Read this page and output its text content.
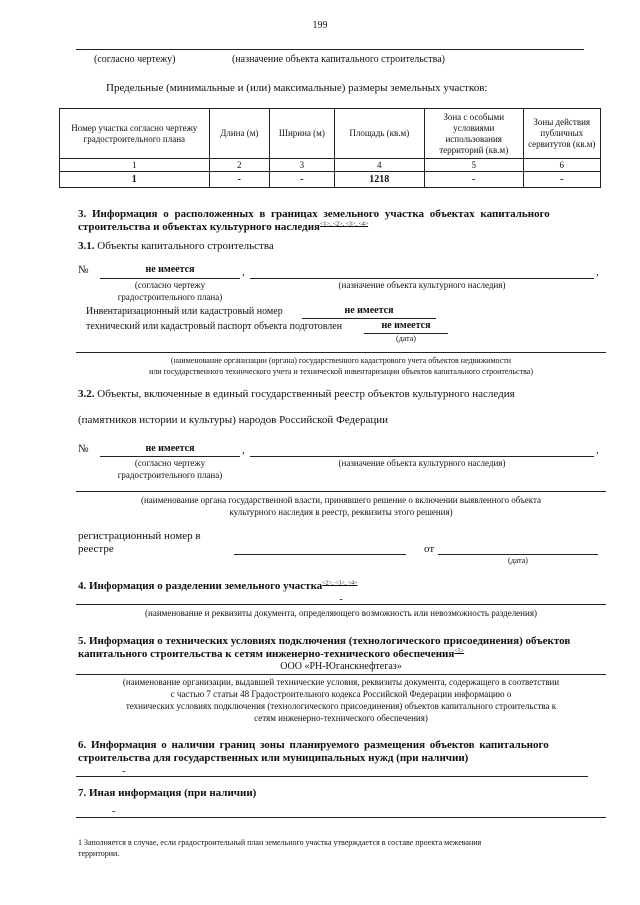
199
(согласно чертежу)	(назначение объекта капитального строительства)
Предельные (минимальные и (или) максимальные) размеры земельных участков:
Номер участка согласно чертежу градостроительного плана	Длина (м)	Ширина (м)	Площадь (кв.м)	Зона с особыми условиями использования территорий (кв.м)	Зоны действия публичных сервитутов (кв.м)
1	2	3	4	5	6
1	-	-	1218	-	-
3. Информация о расположенных в границах земельного участка объектах капитального
строительства и объектах культурного наследия$^{<1>, <2>, <3>, <4>}$
3.1. Объекты капитального строительства
№	не имеется	,	,
(согласно чертежу
градостроительного плана)
(назначение объекта культурного наследия)
Инвентаризационный или кадастровый номер	не имеется
технический или кадастровый паспорт объекта подготовлен	не имеется
(дата)
(наименование организации (органа) государственного кадастрового учета объектов недвижимости
или государственного технического учета и технической инвентаризации объектов капитального строительства)
3.2. Объекты, включенные в единый государственный реестр объектов культурного наследия
(памятников истории и культуры) народов Российской Федерации
№	не имеется	,	,
(согласно чертежу
градостроительного плана)
(назначение объекта культурного наследия)
(наименование органа государственной власти, принявшего решение о включении выявленного объекта
культурного наследия в реестр, реквизиты этого решения)
регистрационный номер в
реестре	от
(дата)
4. Информация о разделении земельного участка$^{<2>, <3>, <4>}$
-
(наименование и реквизиты документа, определяющего возможность или невозможность разделения)
5. Информация о технических условиях подключения (технологического присоединения) объектов
капитального строительства к сетям инженерно-технического обеспечения$^{<5>}$
ООО «РН-Юганскнефтегаз»
(наименование организации, выдавшей технические условия, реквизиты документа, содержащего в соответствии
с частью 7 статьи 48 Градостроительного кодекса Российской Федерации информацию о
технических условиях подключения (технологического присоединения) объектов капитального строительства к
сетям инженерно-технического обеспечения)
6. Информация о наличии границ зоны планируемого размещения объектов капитального
строительства для государственных или муниципальных нужд (при наличии)
-
7. Иная информация (при наличии)
-
1 Заполняется в случае, если градостроительный план земельного участка утверждается в составе проекта межевания
территории.
